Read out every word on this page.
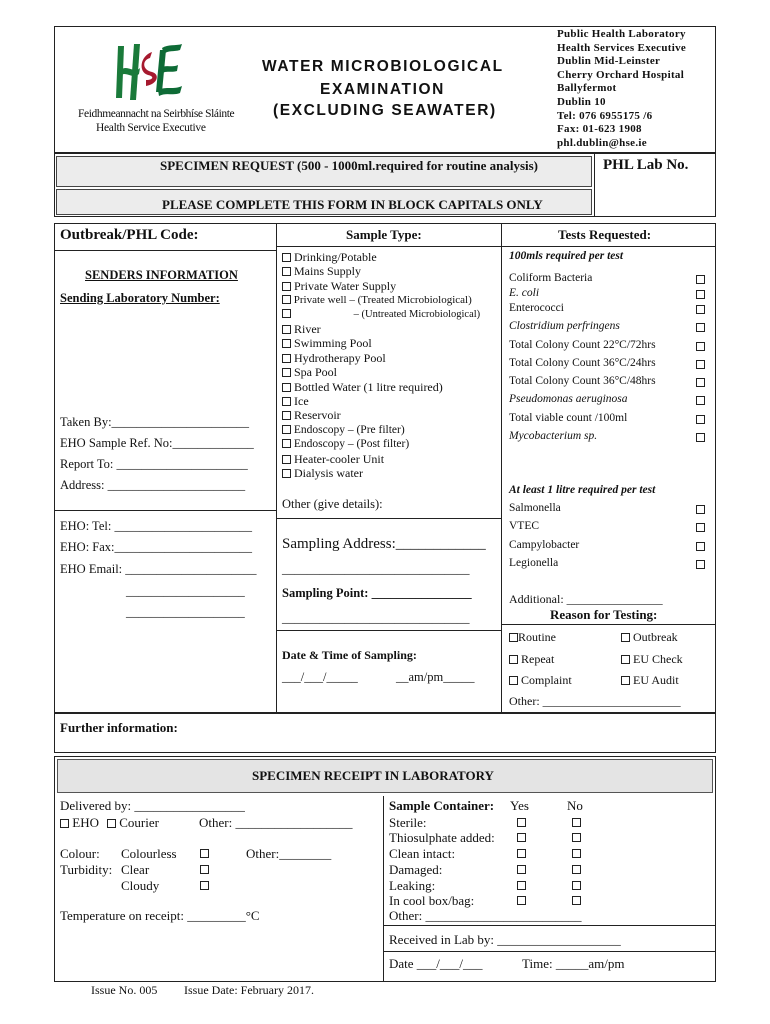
Feidhmeannacht na Seirbhíse Sláinte
Health Service Executive
WATER MICROBIOLOGICAL
EXAMINATION
(EXCLUDING SEAWATER)
Public Health Laboratory
Health Services Executive
Dublin Mid-Leinster
Cherry Orchard Hospital
Ballyfermot
Dublin 10
Tel: 076 6955175 /6
Fax: 01-623 1908
phl.dublin@hse.ie
SPECIMEN REQUEST (500 - 1000ml.required for routine analysis)	PHL Lab No.
PLEASE COMPLETE THIS FORM IN BLOCK CAPITALS ONLY
Outbreak/PHL Code:
SENDERS INFORMATION
Sending Laboratory Number:
Taken By:______________________
EHO Sample Ref. No:_____________
Report To: _____________________
Address: ______________________
EHO: Tel: ______________________
EHO: Fax:______________________
EHO Email: _____________________
___________________
___________________
Sample Type:
Drinking/Potable
Mains Supply
Private Water Supply
Private well – (Treated Microbiological)
– (Untreated Microbiological)
River
Swimming Pool
Hydrotherapy Pool
Spa Pool
Bottled Water (1 litre required)
Ice
Reservoir
Endoscopy – (Pre filter)
Endoscopy – (Post filter)
Heater-cooler Unit
Dialysis water
Other (give details):
Sampling Address:____________
______________________________
Sampling Point: ________________
______________________________
Date & Time of Sampling:
___/___/_____	__am/pm_____
Tests Requested:
100mls required per test
Coliform Bacteria
E. coli
Enterococci
Clostridium perfringens
Total Colony Count 22°C/72hrs
Total Colony Count 36°C/24hrs
Total Colony Count 36°C/48hrs
Pseudomonas aeruginosa
Total viable count /100ml
Mycobacterium sp.
At least 1 litre required per test
Salmonella
VTEC
Campylobacter
Legionella
Additional: ________________
Reason for Testing:
Routine	Outbreak
Repeat	EU Check
Complaint	EU Audit
Other: _______________________
Further information:
SPECIMEN RECEIPT IN LABORATORY
Delivered by: _________________
EHO	Courier	Other: __________________
Colour: Colourless	Other:________
Turbidity: Clear
Cloudy
Temperature on receipt: _________°C
Sample Container: Yes	No
Sterile:
Thiosulphate added:
Clean intact:
Damaged:
Leaking:
In cool box/bag:
Other: ________________________
Received in Lab by: ___________________
Date ___/___/___	Time: _____am/pm
Issue No. 005 Issue Date: February 2017.
